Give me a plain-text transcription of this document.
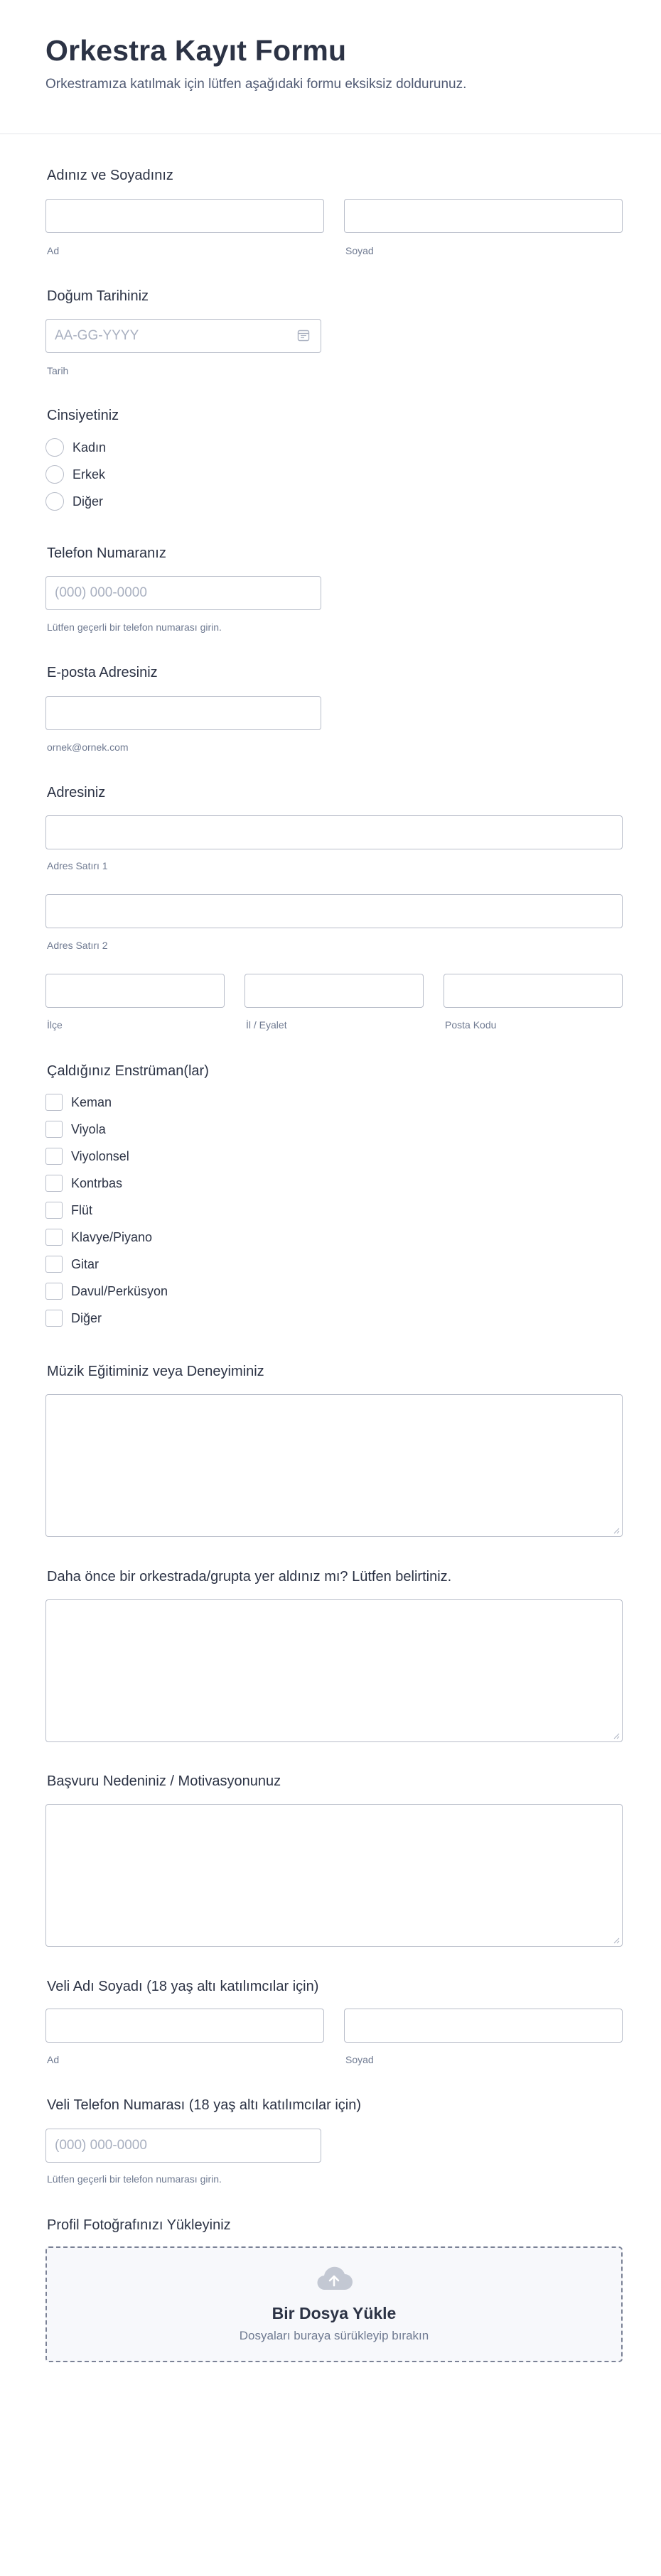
Orkestra Kayıt Formu

Orkestramıza katılmak için lütfen aşağıdaki formu eksiksiz doldurunuz.

Adınız ve Soyadınız
Ad	Soyad
Doğum Tarihiniz
AA-GG-YYYY
Tarih
Cinsiyetiniz
Kadın
Erkek
Diğer
Telefon Numaranız
(000) 000-0000
Lütfen geçerli bir telefon numarası girin.
E-posta Adresiniz
ornek@ornek.com
Adresiniz
Adres Satırı 1
Adres Satırı 2
İlçe	İl / Eyalet	Posta Kodu
Çaldığınız Enstrüman(lar)
Keman
Viyola
Viyolonsel
Kontrbas
Flüt
Klavye/Piyano
Gitar
Davul/Perküsyon
Diğer
Müzik Eğitiminiz veya Deneyiminiz
Daha önce bir orkestrada/grupta yer aldınız mı? Lütfen belirtiniz.
Başvuru Nedeniniz / Motivasyonunuz
Veli Adı Soyadı (18 yaş altı katılımcılar için)
Ad	Soyad
Veli Telefon Numarası (18 yaş altı katılımcılar için)
(000) 000-0000
Lütfen geçerli bir telefon numarası girin.
Profil Fotoğrafınızı Yükleyiniz
Bir Dosya Yükle
Dosyaları buraya sürükleyip bırakın
